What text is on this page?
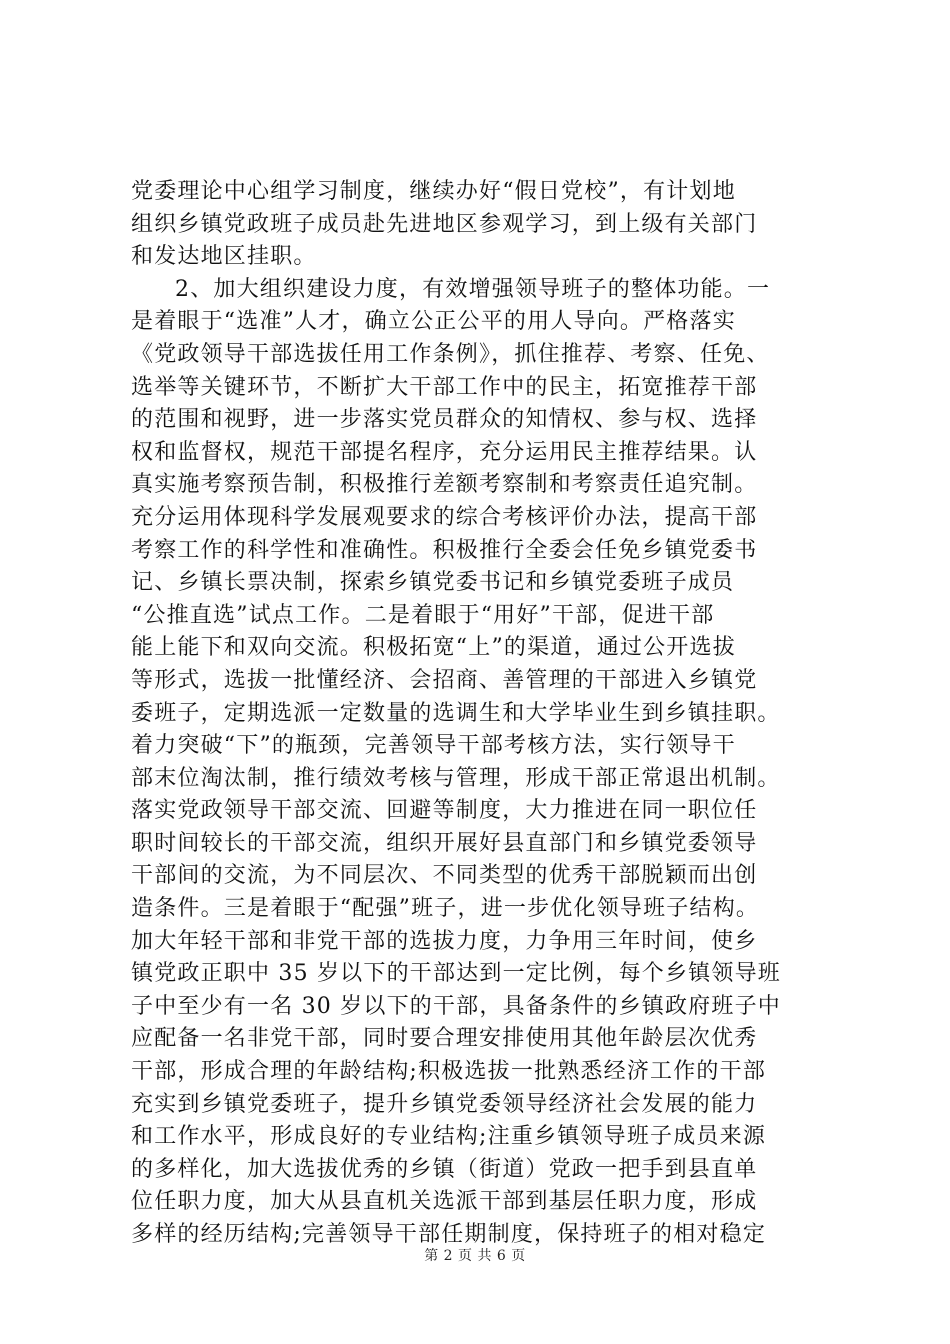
党委理论中心组学习制度，继续办好“假日党校”，有计划地
组织乡镇党政班子成员赴先进地区参观学习，到上级有关部门
和发达地区挂职。
2、加大组织建设力度，有效增强领导班子的整体功能。一
是着眼于“选准”人才，确立公正公平的用人导向。严格落实
《党政领导干部选拔任用工作条例》，抓住推荐、考察、任免、
选举等关键环节，不断扩大干部工作中的民主，拓宽推荐干部
的范围和视野，进一步落实党员群众的知情权、参与权、选择
权和监督权，规范干部提名程序，充分运用民主推荐结果。认
真实施考察预告制，积极推行差额考察制和考察责任追究制。
充分运用体现科学发展观要求的综合考核评价办法，提高干部
考察工作的科学性和准确性。积极推行全委会任免乡镇党委书
记、乡镇长票决制，探索乡镇党委书记和乡镇党委班子成员
“公推直选”试点工作。二是着眼于“用好”干部，促进干部
能上能下和双向交流。积极拓宽“上”的渠道，通过公开选拔
等形式，选拔一批懂经济、会招商、善管理的干部进入乡镇党
委班子，定期选派一定数量的选调生和大学毕业生到乡镇挂职。
着力突破“下”的瓶颈，完善领导干部考核方法，实行领导干
部末位淘汰制，推行绩效考核与管理，形成干部正常退出机制。
落实党政领导干部交流、回避等制度，大力推进在同一职位任
职时间较长的干部交流，组织开展好县直部门和乡镇党委领导
干部间的交流，为不同层次、不同类型的优秀干部脱颖而出创
造条件。三是着眼于“配强”班子，进一步优化领导班子结构。
加大年轻干部和非党干部的选拔力度，力争用三年时间，使乡
镇党政正职中 35 岁以下的干部达到一定比例，每个乡镇领导班
子中至少有一名 30 岁以下的干部，具备条件的乡镇政府班子中
应配备一名非党干部，同时要合理安排使用其他年龄层次优秀
干部，形成合理的年龄结构;积极选拔一批熟悉经济工作的干部
充实到乡镇党委班子，提升乡镇党委领导经济社会发展的能力
和工作水平，形成良好的专业结构;注重乡镇领导班子成员来源
的多样化，加大选拔优秀的乡镇（街道）党政一把手到县直单
位任职力度，加大从县直机关选派干部到基层任职力度，形成
多样的经历结构;完善领导干部任期制度，保持班子的相对稳定
第 2 页 共 6 页
